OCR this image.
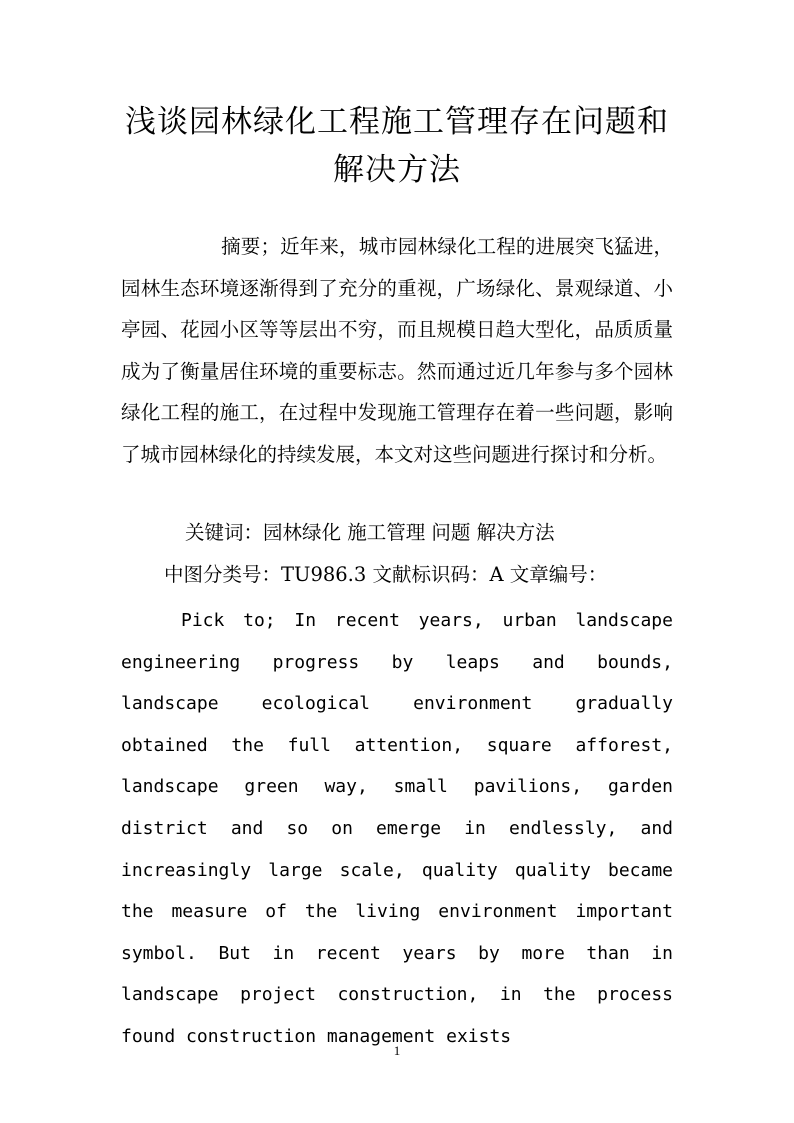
浅谈园林绿化工程施工管理存在问题和解决方法

摘要；近年来，城市园林绿化工程的进展突飞猛进，园林生态环境逐渐得到了充分的重视，广场绿化、景观绿道、小亭园、花园小区等等层出不穷，而且规模日趋大型化，品质质量成为了衡量居住环境的重要标志。然而通过近几年参与多个园林绿化工程的施工，在过程中发现施工管理存在着一些问题，影响了城市园林绿化的持续发展，本文对这些问题进行探讨和分析。

关键词：园林绿化 施工管理 问题 解决方法

中图分类号：TU986.3 文献标识码：A 文章编号：

Pick to; In recent years, urban landscape engineering progress by leaps and bounds, landscape ecological environment gradually obtained the full attention, square afforest, landscape green way, small pavilions, garden district and so on emerge in endlessly, and increasingly large scale, quality quality became the measure of the living environment important symbol. But in recent years by more than in landscape project construction, in the process found construction management exists

1
